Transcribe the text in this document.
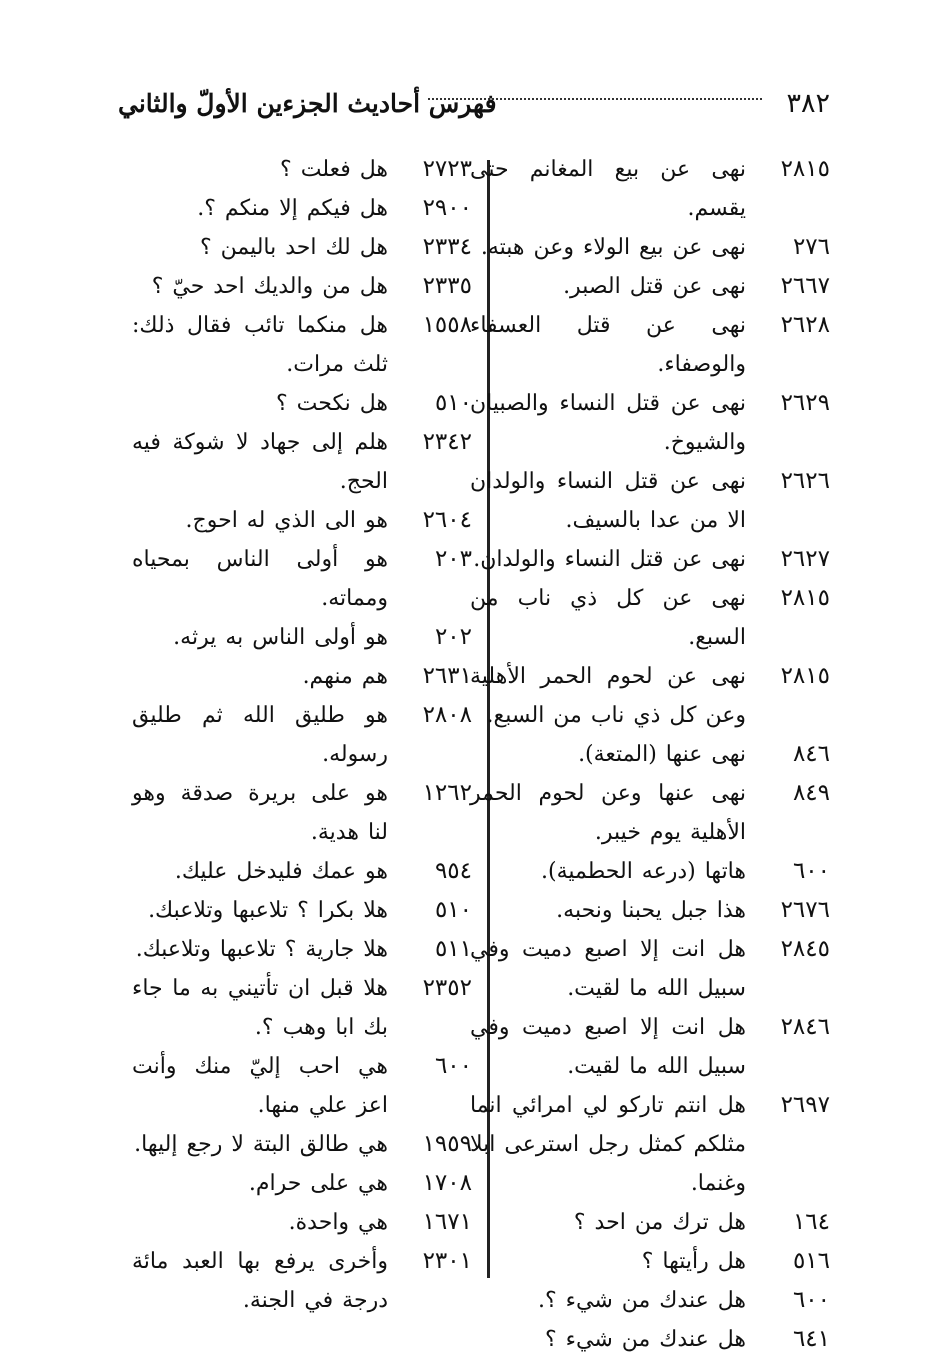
٣٨٢
فهرس أحاديث الجزءين الأولّ والثاني
٢٨١٥
نهى عن بيع المغانم حتى يقسم.
٢٧٦
نهى عن بيع الولاء وعن هبته.
٢٦٦٧
نهى عن قتل الصبر.
٢٦٢٨
نهى عن قتل العسفاء والوصفاء.
٢٦٢٩
نهى عن قتل النساء والصبيان والشيوخ.
٢٦٢٦
نهى عن قتل النساء والولدان الا من عدا بالسيف.
٢٦٢٧
نهى عن قتل النساء والولدان.
٢٨١٥
نهى عن كل ذي ناب من السبع.
٢٨١٥
نهى عن لحوم الحمر الأهلية وعن كل ذي ناب من السبع.
٨٤٦
نهى عنها (المتعة).
٨٤٩
نهى عنها وعن لحوم الحمر الأهلية يوم خيبر.
٦٠٠
هاتها (درعه الحطمية).
٢٦٧٦
هذا جبل يحبنا ونحبه.
٢٨٤٥
هل انت إلا اصبع دميت وفي سبيل الله ما لقيت.
٢٨٤٦
هل انت إلا اصبع دميت وفي سبيل الله ما لقيت.
٢٦٩٧
هل انتم تاركو لي امرائي انما مثلكم كمثل رجل استرعى ابلا وغنما.
١٦٤
هل ترك من احد ؟
٥١٦
هل رأيتها ؟
٦٠٠
هل عندك من شيء ؟.
٦٤١
هل عندك من شيء ؟
٢٧٢٣
هل فعلت ؟
٢٩٠٠
هل فيكم إلا منكم ؟.
٢٣٣٤
هل لك احد باليمن ؟
٢٣٣٥
هل من والديك احد حيّ ؟
١٥٥٨
هل منكما تائب فقال ذلك: ثلث مرات.
٥١٠
هل نكحت ؟
٢٣٤٢
هلم إلى جهاد لا شوكة فيه الحج.
٢٦٠٤
هو الى الذي له احوج.
٢٠٣
هو أولى الناس بمحياه ومماته.
٢٠٢
هو أولى الناس به يرثه.
٢٦٣١
هم منهم.
٢٨٠٨
هو طليق الله ثم طليق رسوله.
١٢٦٢
هو على بريرة صدقة وهو لنا هدية.
٩٥٤
هو عمك فليدخل عليك.
٥١٠
هلا بكرا ؟ تلاعبها وتلاعبك.
٥١١
هلا جارية ؟ تلاعبها وتلاعبك.
٢٣٥٢
هلا قبل ان تأتيني به ما جاء بك ابا وهب ؟.
٦٠٠
هي احب إليّ منك وأنت اعز علي منها.
١٩٥٩
هي طالق البتة لا رجع إليها.
١٧٠٨
هي على حرام.
١٦٧١
هي واحدة.
٢٣٠١
وأخرى يرفع بها العبد مائة درجة في الجنة.
